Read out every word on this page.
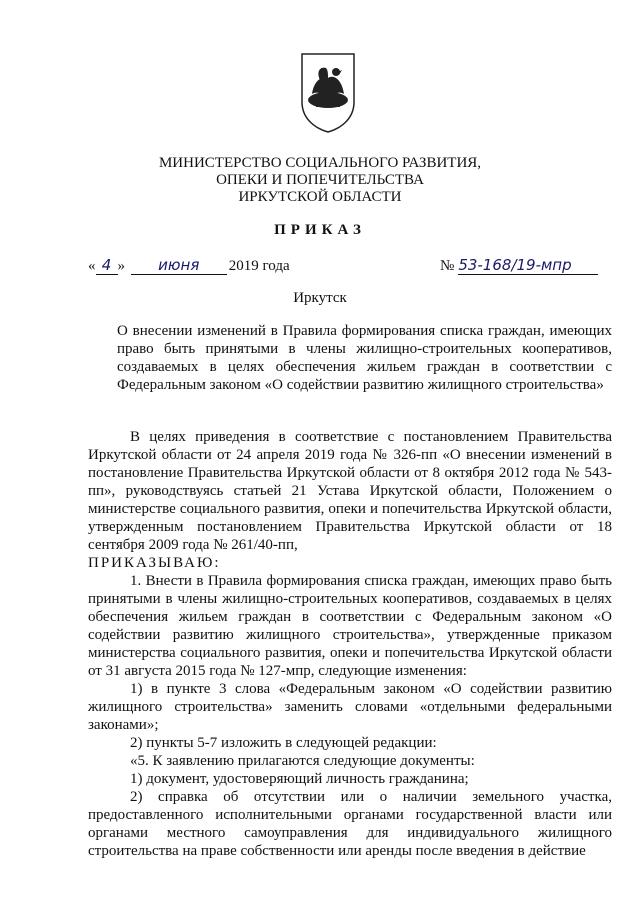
МИНИСТЕРСТВО СОЦИАЛЬНОГО РАЗВИТИЯ,
ОПЕКИ И ПОПЕЧИТЕЛЬСТВА
ИРКУТСКОЙ ОБЛАСТИ
ПРИКАЗ
« 4 » июня 2019 года	№ 53-168/19-мпр
Иркутск
О внесении изменений в Правила формирования списка граждан, имеющих право быть принятыми в члены жилищно-строительных кооперативов, создаваемых в целях обеспечения жильем граждан в соответствии с Федеральным законом «О содействии развитию жилищного строительства»

В целях приведения в соответствие с постановлением Правительства Иркутской области от 24 апреля 2019 года № 326-пп «О внесении изменений в постановление Правительства Иркутской области от 8 октября 2012 года № 543-пп», руководствуясь статьей 21 Устава Иркутской области, Положением о министерстве социального развития, опеки и попечительства Иркутской области, утвержденным постановлением Правительства Иркутской области от 18 сентября 2009 года № 261/40-пп,

ПРИКАЗЫВАЮ:

1. Внести в Правила формирования списка граждан, имеющих право быть принятыми в члены жилищно-строительных кооперативов, создаваемых в целях обеспечения жильем граждан в соответствии с Федеральным законом «О содействии развитию жилищного строительства», утвержденные приказом министерства социального развития, опеки и попечительства Иркутской области от 31 августа 2015 года № 127-мпр, следующие изменения:

1) в пункте 3 слова «Федеральным законом «О содействии развитию жилищного строительства» заменить словами «отдельными федеральными законами»;

2) пункты 5-7 изложить в следующей редакции:

«5. К заявлению прилагаются следующие документы:

1) документ, удостоверяющий личность гражданина;

2) справка об отсутствии или о наличии земельного участка, предоставленного исполнительными органами государственной власти или органами местного самоуправления для индивидуального жилищного строительства на праве собственности или аренды после введения в действие
